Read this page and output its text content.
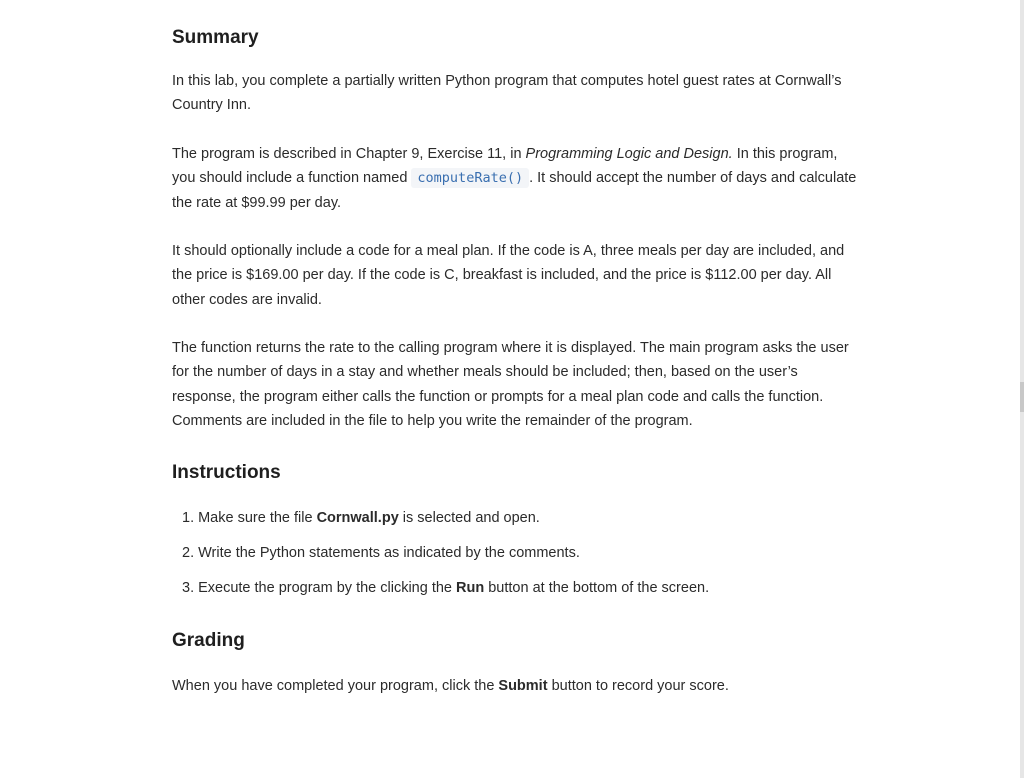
Summary

In this lab, you complete a partially written Python program that computes hotel guest rates at Cornwall’s Country Inn.

The program is described in Chapter 9, Exercise 11, in Programming Logic and Design. In this program, you should include a function named computeRate() . It should accept the number of days and calculate the rate at $99.99 per day.

It should optionally include a code for a meal plan. If the code is A, three meals per day are included, and the price is $169.00 per day. If the code is C, breakfast is included, and the price is $112.00 per day. All other codes are invalid.

The function returns the rate to the calling program where it is displayed. The main program asks the user for the number of days in a stay and whether meals should be included; then, based on the user’s response, the program either calls the function or prompts for a meal plan code and calls the function. Comments are included in the file to help you write the remainder of the program.

Instructions
1. Make sure the file Cornwall.py is selected and open.
2. Write the Python statements as indicated by the comments.
3. Execute the program by the clicking the Run button at the bottom of the screen.
Grading

When you have completed your program, click the Submit button to record your score.
